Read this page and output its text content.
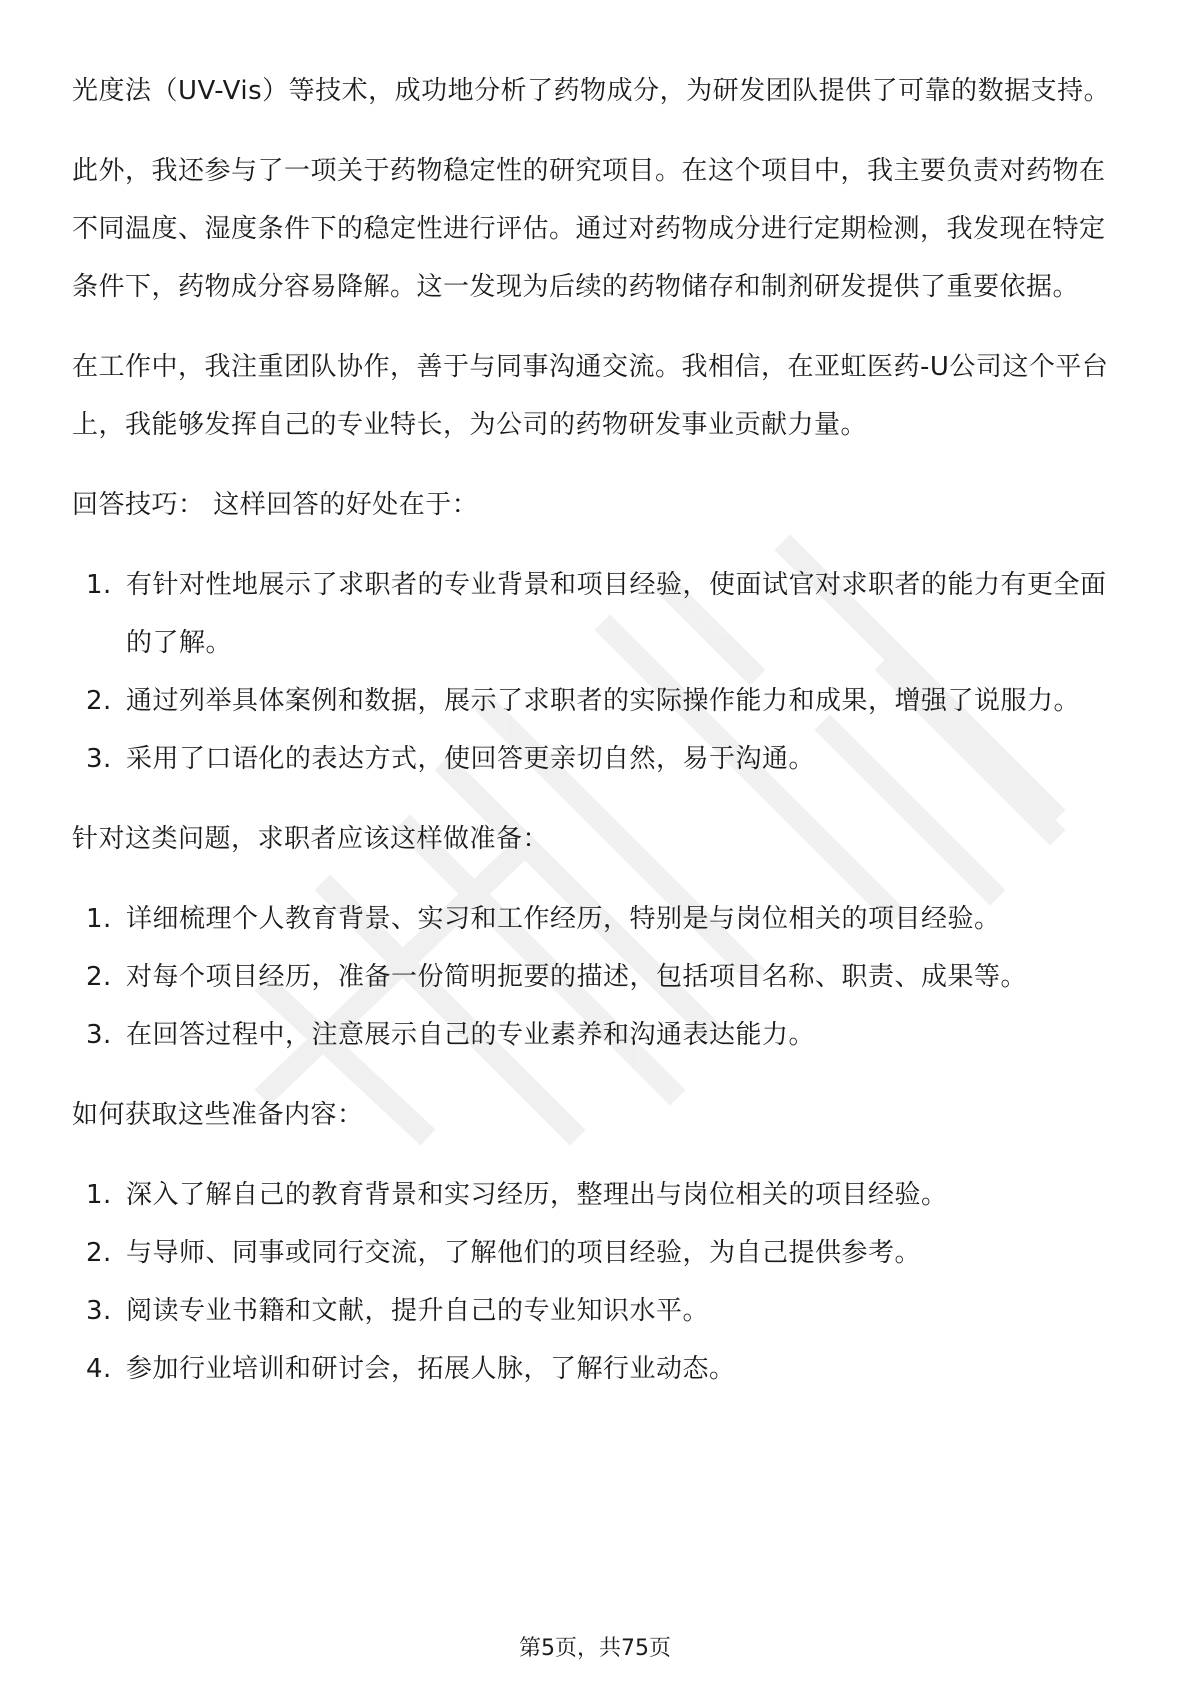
光度法（UV-Vis）等技术，成功地分析了药物成分，为研发团队提供了可靠的数据支持。

此外，我还参与了一项关于药物稳定性的研究项目。在这个项目中，我主要负责对药物在不同温度、湿度条件下的稳定性进行评估。通过对药物成分进行定期检测，我发现在特定条件下，药物成分容易降解。这一发现为后续的药物储存和制剂研发提供了重要依据。

在工作中，我注重团队协作，善于与同事沟通交流。我相信，在亚虹医药-U公司这个平台上，我能够发挥自己的专业特长，为公司的药物研发事业贡献力量。

回答技巧： 这样回答的好处在于：

1. 有针对性地展示了求职者的专业背景和项目经验，使面试官对求职者的能力有更全面的了解。
2. 通过列举具体案例和数据，展示了求职者的实际操作能力和成果，增强了说服力。
3. 采用了口语化的表达方式，使回答更亲切自然，易于沟通。

针对这类问题，求职者应该这样做准备：

1. 详细梳理个人教育背景、实习和工作经历，特别是与岗位相关的项目经验。
2. 对每个项目经历，准备一份简明扼要的描述，包括项目名称、职责、成果等。
3. 在回答过程中，注意展示自己的专业素养和沟通表达能力。

如何获取这些准备内容：

1. 深入了解自己的教育背景和实习经历，整理出与岗位相关的项目经验。
2. 与导师、同事或同行交流，了解他们的项目经验，为自己提供参考。
3. 阅读专业书籍和文献，提升自己的专业知识水平。
4. 参加行业培训和研讨会，拓展人脉，了解行业动态。
第5页，共75页
